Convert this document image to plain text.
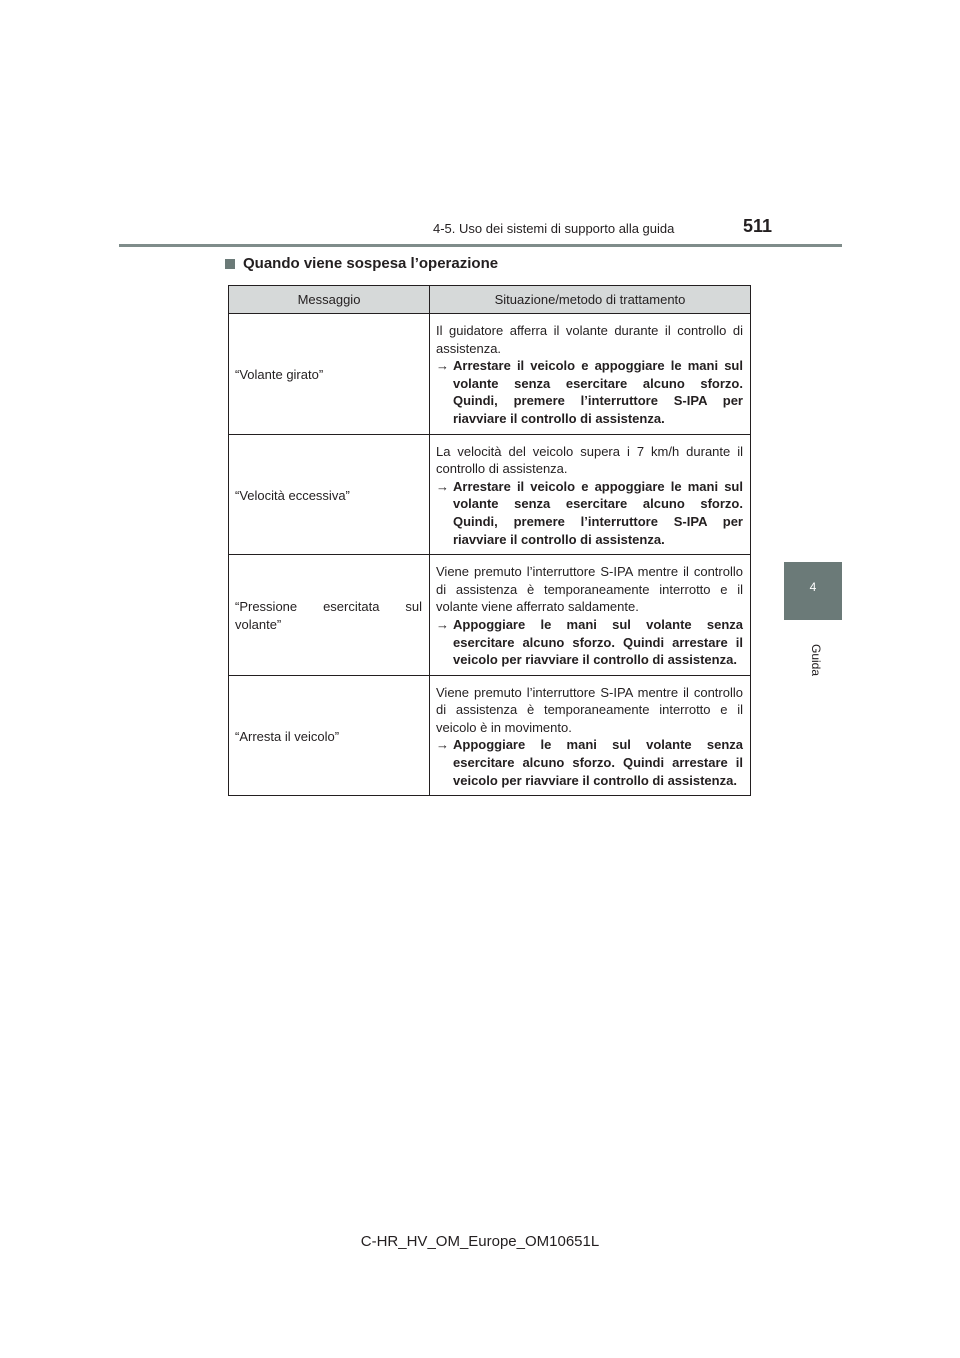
4-5. Uso dei sistemi di supporto alla guida	511
4
Guida
Quando viene sospesa l’operazione
Messaggio	Situazione/metodo di trattamento
“Volante girato”	Il guidatore afferra il volante durante il controllo di assistenza.
→ Arrestare il veicolo e appoggiare le mani sul volante senza esercitare alcuno sforzo. Quindi, premere l’interruttore S-IPA per riavviare il controllo di assistenza.

“Velocità eccessiva”	La velocità del veicolo supera i 7 km/h durante il controllo di assistenza.
→ Arrestare il veicolo e appoggiare le mani sul volante senza esercitare alcuno sforzo. Quindi, premere l’interruttore S-IPA per riavviare il controllo di assistenza.

“Pressione esercitata sul volante”	Viene premuto l’interruttore S-IPA mentre il controllo di assistenza è temporaneamente interrotto e il volante viene afferrato saldamente.
→ Appoggiare le mani sul volante senza esercitare alcuno sforzo. Quindi arrestare il veicolo per riavviare il controllo di assistenza.

“Arresta il veicolo”	Viene premuto l’interruttore S-IPA mentre il controllo di assistenza è temporaneamente interrotto e il veicolo è in movimento.
→ Appoggiare le mani sul volante senza esercitare alcuno sforzo. Quindi arrestare il veicolo per riavviare il controllo di assistenza.
C-HR_HV_OM_Europe_OM10651L
